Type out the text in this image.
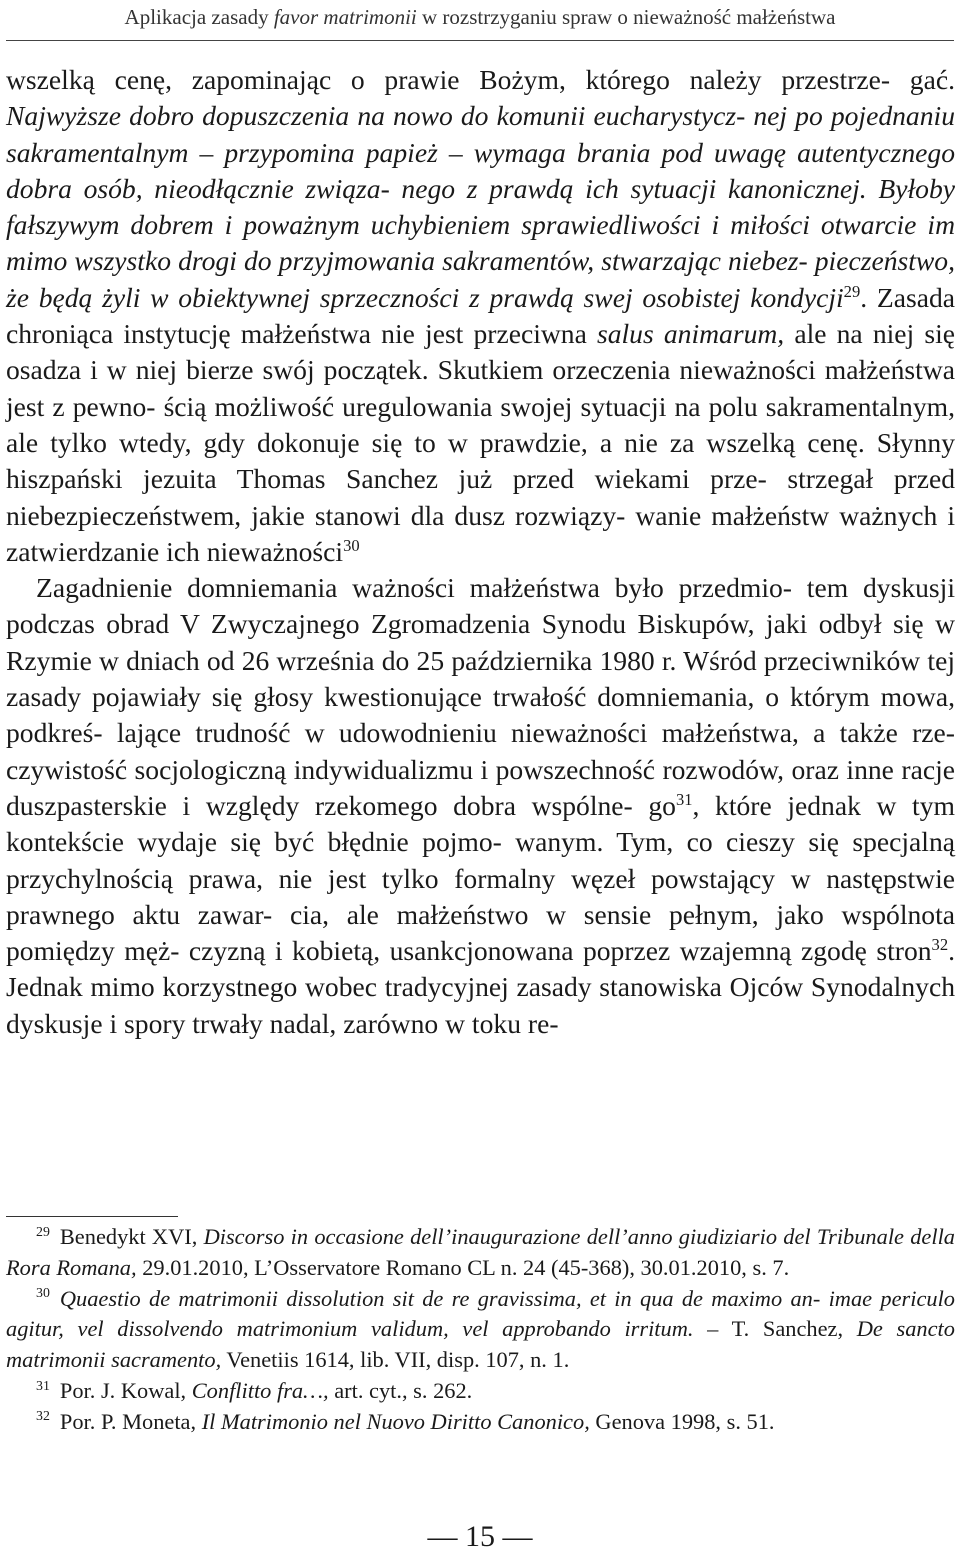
Aplikacja zasady favor matrimonii w rozstrzyganiu spraw o nieważność małżeństwa

wszelką cenę, zapominając o prawie Bożym, którego należy przestrze- gać. Najwyższe dobro dopuszczenia na nowo do komunii eucharystycz- nej po pojednaniu sakramentalnym – przypomina papież – wymaga brania pod uwagę autentycznego dobra osób, nieodłącznie związa- nego z prawdą ich sytuacji kanonicznej. Byłoby fałszywym dobrem i poważnym uchybieniem sprawiedliwości i miłości otwarcie im mimo wszystko drogi do przyjmowania sakramentów, stwarzając niebez- pieczeństwo, że będą żyli w obiektywnej sprzeczności z prawdą swej osobistej kondycji$^{29}$. Zasada chroniąca instytucję małżeństwa nie jest przeciwna salus animarum, ale na niej się osadza i w niej bierze swój początek. Skutkiem orzeczenia nieważności małżeństwa jest z pewno- ścią możliwość uregulowania swojej sytuacji na polu sakramentalnym, ale tylko wtedy, gdy dokonuje się to w prawdzie, a nie za wszelką cenę. Słynny hiszpański jezuita Thomas Sanchez już przed wiekami prze- strzegał przed niebezpieczeństwem, jakie stanowi dla dusz rozwiązy- wanie małżeństw ważnych i zatwierdzanie ich nieważności$^{30}$

Zagadnienie domniemania ważności małżeństwa było przedmio- tem dyskusji podczas obrad V Zwyczajnego Zgromadzenia Synodu Biskupów, jaki odbył się w Rzymie w dniach od 26 września do 25 października 1980 r. Wśród przeciwników tej zasady pojawiały się głosy kwestionujące trwałość domniemania, o którym mowa, podkreś- lające trudność w udowodnieniu nieważności małżeństwa, a także rze- czywistość socjologiczną indywidualizmu i powszechność rozwodów, oraz inne racje duszpasterskie i względy rzekomego dobra wspólne- $go^{31}$, które jednak w tym kontekście wydaje się być błędnie pojmo- wanym. Tym, co cieszy się specjalną przychylnością prawa, nie jest tylko formalny węzeł powstający w następstwie prawnego aktu zawar- cia, ale małżeństwo w sensie pełnym, jako wspólnota pomiędzy męż- czyzną i kobietą, usankcjonowana poprzez wzajemną zgodę stron$^{32}$. Jednak mimo korzystnego wobec tradycyjnej zasady stanowiska Ojców Synodalnych dyskusje i spory trwały nadal, zarówno w toku re-

$^{29}$ Benedykt XVI, Discorso in occasione dell’inaugurazione dell’anno giudiziario del Tribunale della Rora Romana, 29.01.2010, L’Osservatore Romano CL n. 24 (45-368), 30.01.2010, s. 7.

$^{30}$ Quaestio de matrimonii dissolution sit de re gravissima, et in qua de maximo an- imae periculo agitur, vel dissolvendo matrimonium validum, vel approbando irritum. – T. Sanchez, De sancto matrimonii sacramento, Venetiis 1614, lib. VII, disp. 107, n. 1.

$^{31}$ Por. J. Kowal, Conflitto fra…, art. cyt., s. 262.

$^{32}$ Por. P. Moneta, Il Matrimonio nel Nuovo Diritto Canonico, Genova 1998, s. 51.

— 15 —
